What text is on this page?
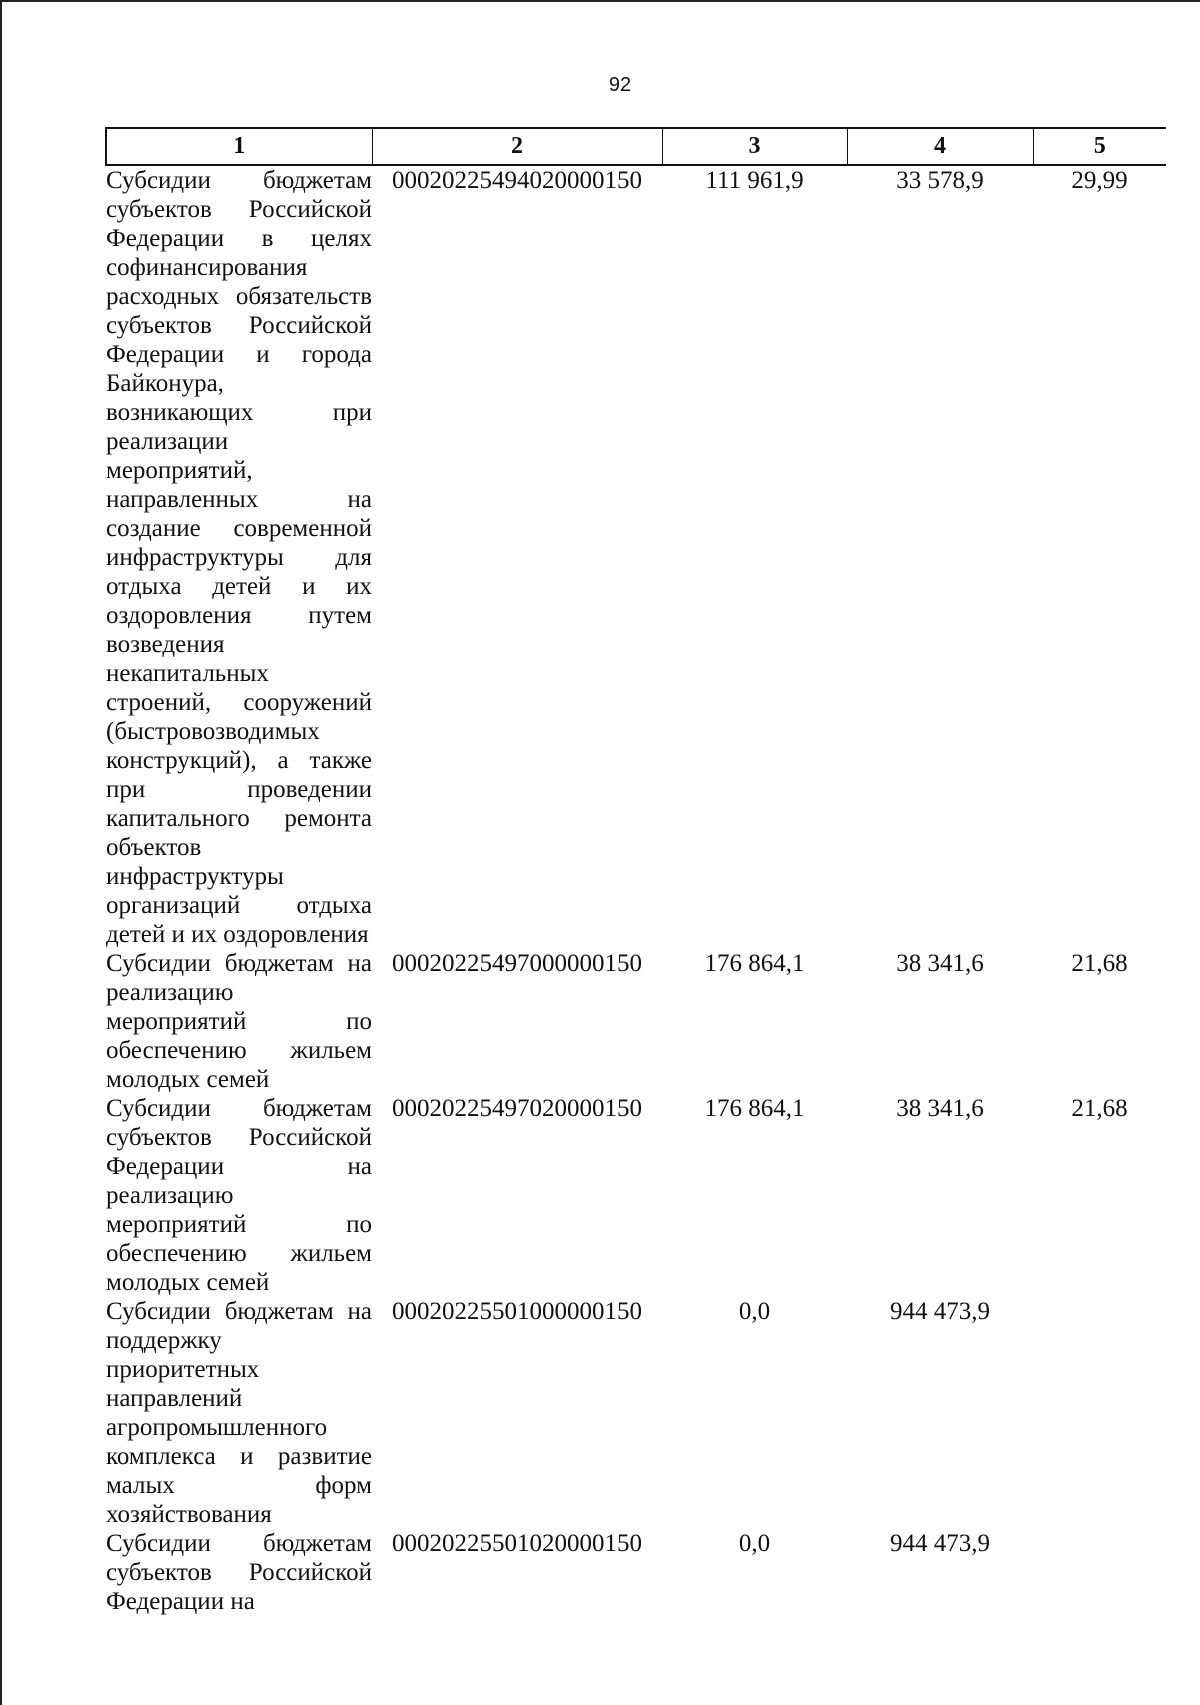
92
1	2	3	4	5
Субсидии бюджетам субъектов Российской Федерации в целях софинансирования расходных обязательств субъектов Российской Федерации и города Байконура, возникающих при реализации мероприятий, направленных на создание современной инфраструктуры для отдыха детей и их оздоровления путем возведения некапитальных строений, сооружений (быстровозводимых конструкций), а также при проведении капитального ремонта объектов инфраструктуры организаций отдыха детей и их оздоровления	00020225494020000150	111 961,9	33 578,9	29,99
Субсидии бюджетам на реализацию мероприятий по обеспечению жильем молодых семей	00020225497000000150	176 864,1	38 341,6	21,68
Субсидии бюджетам субъектов Российской Федерации на реализацию мероприятий по обеспечению жильем молодых семей	00020225497020000150	176 864,1	38 341,6	21,68
Субсидии бюджетам на поддержку приоритетных направлений агропромышленного комплекса и развитие малых форм хозяйствования	00020225501000000150	0,0	944 473,9	
Субсидии бюджетам субъектов Российской Федерации на	00020225501020000150	0,0	944 473,9	
